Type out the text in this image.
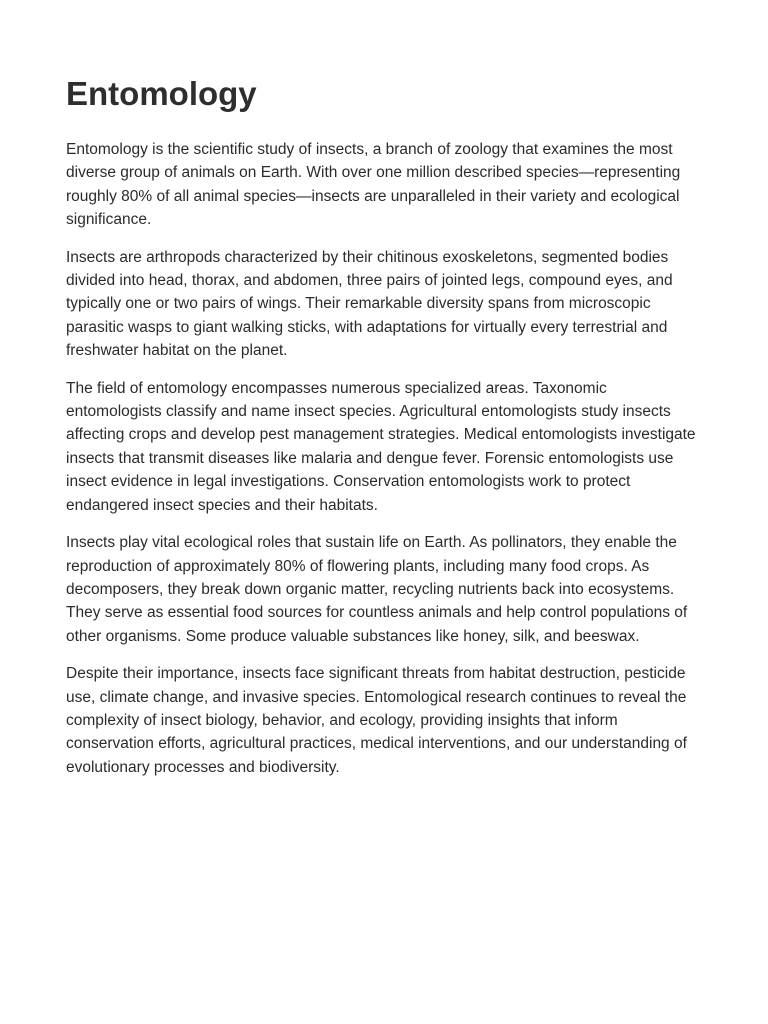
Entomology

Entomology is the scientific study of insects, a branch of zoology that examines the most diverse group of animals on Earth. With over one million described species—representing roughly 80% of all animal species—insects are unparalleled in their variety and ecological significance.

Insects are arthropods characterized by their chitinous exoskeletons, segmented bodies divided into head, thorax, and abdomen, three pairs of jointed legs, compound eyes, and typically one or two pairs of wings. Their remarkable diversity spans from microscopic parasitic wasps to giant walking sticks, with adaptations for virtually every terrestrial and freshwater habitat on the planet.

The field of entomology encompasses numerous specialized areas. Taxonomic entomologists classify and name insect species. Agricultural entomologists study insects affecting crops and develop pest management strategies. Medical entomologists investigate insects that transmit diseases like malaria and dengue fever. Forensic entomologists use insect evidence in legal investigations. Conservation entomologists work to protect endangered insect species and their habitats.

Insects play vital ecological roles that sustain life on Earth. As pollinators, they enable the reproduction of approximately 80% of flowering plants, including many food crops. As decomposers, they break down organic matter, recycling nutrients back into ecosystems. They serve as essential food sources for countless animals and help control populations of other organisms. Some produce valuable substances like honey, silk, and beeswax.

Despite their importance, insects face significant threats from habitat destruction, pesticide use, climate change, and invasive species. Entomological research continues to reveal the complexity of insect biology, behavior, and ecology, providing insights that inform conservation efforts, agricultural practices, medical interventions, and our understanding of evolutionary processes and biodiversity.
